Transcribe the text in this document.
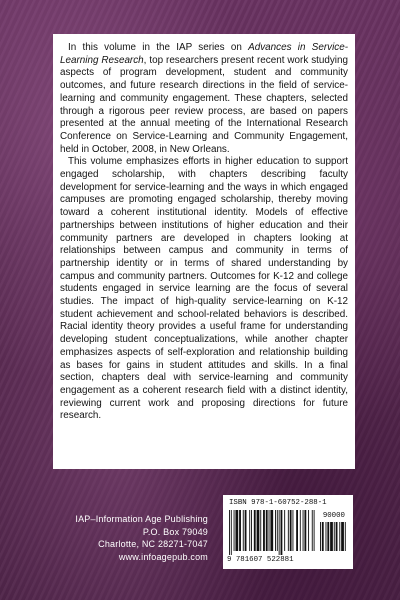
In this volume in the IAP series on Advances in Service-Learning Research, top researchers present recent work studying aspects of program development, student and community outcomes, and future research directions in the field of service-learning and community engagement. These chapters, selected through a rigorous peer review process, are based on papers presented at the annual meeting of the International Research Conference on Service-Learning and Community Engagement, held in October, 2008, in New Orleans.

This volume emphasizes efforts in higher education to support engaged scholarship, with chapters describing faculty development for service-learning and the ways in which engaged campuses are promoting engaged scholarship, thereby moving toward a coherent institutional identity. Models of effective partnerships between institutions of higher education and their community partners are developed in chapters looking at relationships between campus and community in terms of partnership identity or in terms of shared understanding by campus and community partners. Outcomes for K-12 and college students engaged in service learning are the focus of several studies. The impact of high-quality service-learning on K-12 student achievement and school-related behaviors is described. Racial identity theory provides a useful frame for understanding developing student conceptualizations, while another chapter emphasizes aspects of self-exploration and relationship building as bases for gains in student attitudes and skills. In a final section, chapters deal with service-learning and community engagement as a coherent research field with a distinct identity, reviewing current work and proposing directions for future research.

IAP–Information Age Publishing
P.O. Box 79049
Charlotte, NC 28271-7047
www.infoagepub.com
ISBN 978-1-60752-288-1
90000
9 781607 522881
